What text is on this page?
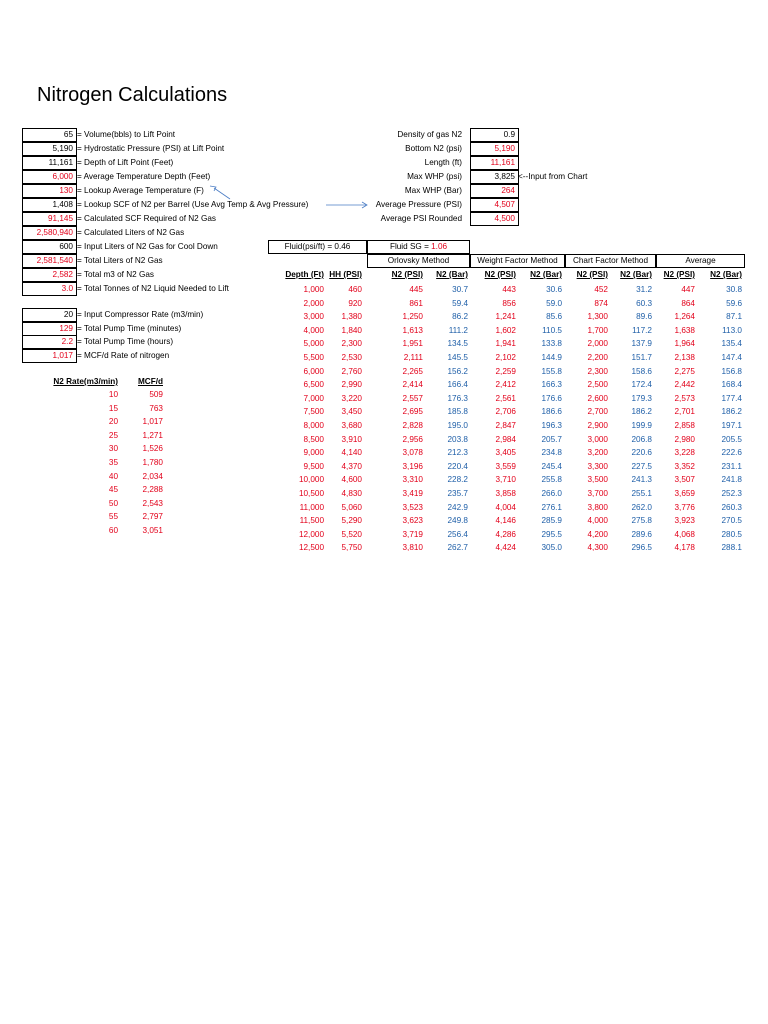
Nitrogen Calculations
65 = Volume(bbls) to Lift Point
5,190 = Hydrostatic Pressure (PSI) at Lift Point
11,161 = Depth of Lift Point (Feet)
6,000 = Average Temperature Depth (Feet)
130 = Lookup Average Temperature (F)
1,408 = Lookup SCF of N2 per Barrel (Use Avg Temp & Avg Pressure)
91,145 = Calculated SCF Required of N2 Gas
2,580,940 = Calculated Liters of N2 Gas
600 = Input Liters of N2 Gas for Cool Down
2,581,540 = Total Liters of N2 Gas
2,582 = Total m3 of N2 Gas
3.0 = Total Tonnes of N2 Liquid Needed to Lift
20 = Input Compressor Rate (m3/min)
129 = Total Pump Time (minutes)
2.2 = Total Pump Time (hours)
1,017 = MCF/d Rate of nitrogen
Density of gas N2	0.9
Bottom N2 (psi)	5,190
Length (ft)	11,161
Max WHP (psi)	3,825
Max WHP (Bar)	264
Average Pressure (PSI)	4,507
Average PSI Rounded	4,500
<--Input from Chart
Fluid(psi/ft) = 0.46	Fluid SG = 1.06
Orlovsky Method	Weight Factor Method	Chart Factor Method	Average
Depth (Ft) HH (PSI)	N2 (PSI)	N2 (Bar)	N2 (PSI)	N2 (Bar)	N2 (PSI)	N2 (Bar)	N2 (PSI)	N2 (Bar)
1,000	460	445	30.7	443	30.6	452	31.2	447	30.8
2,000	920	861	59.4	856	59.0	874	60.3	864	59.6
3,000	1,380	1,250	86.2	1,241	85.6	1,300	89.6	1,264	87.1
4,000	1,840	1,613	111.2	1,602	110.5	1,700	117.2	1,638	113.0
5,000	2,300	1,951	134.5	1,941	133.8	2,000	137.9	1,964	135.4
5,500	2,530	2,111	145.5	2,102	144.9	2,200	151.7	2,138	147.4
6,000	2,760	2,265	156.2	2,259	155.8	2,300	158.6	2,275	156.8
6,500	2,990	2,414	166.4	2,412	166.3	2,500	172.4	2,442	168.4
7,000	3,220	2,557	176.3	2,561	176.6	2,600	179.3	2,573	177.4
7,500	3,450	2,695	185.8	2,706	186.6	2,700	186.2	2,701	186.2
8,000	3,680	2,828	195.0	2,847	196.3	2,900	199.9	2,858	197.1
8,500	3,910	2,956	203.8	2,984	205.7	3,000	206.8	2,980	205.5
9,000	4,140	3,078	212.3	3,405	234.8	3,200	220.6	3,228	222.6
9,500	4,370	3,196	220.4	3,559	245.4	3,300	227.5	3,352	231.1
10,000	4,600	3,310	228.2	3,710	255.8	3,500	241.3	3,507	241.8
10,500	4,830	3,419	235.7	3,858	266.0	3,700	255.1	3,659	252.3
11,000	5,060	3,523	242.9	4,004	276.1	3,800	262.0	3,776	260.3
11,500	5,290	3,623	249.8	4,146	285.9	4,000	275.8	3,923	270.5
12,000	5,520	3,719	256.4	4,286	295.5	4,200	289.6	4,068	280.5
12,500	5,750	3,810	262.7	4,424	305.0	4,300	296.5	4,178	288.1
N2 Rate(m3/min)	MCF/d
10	509
15	763
20	1,017
25	1,271
30	1,526
35	1,780
40	2,034
45	2,288
50	2,543
55	2,797
60	3,051
